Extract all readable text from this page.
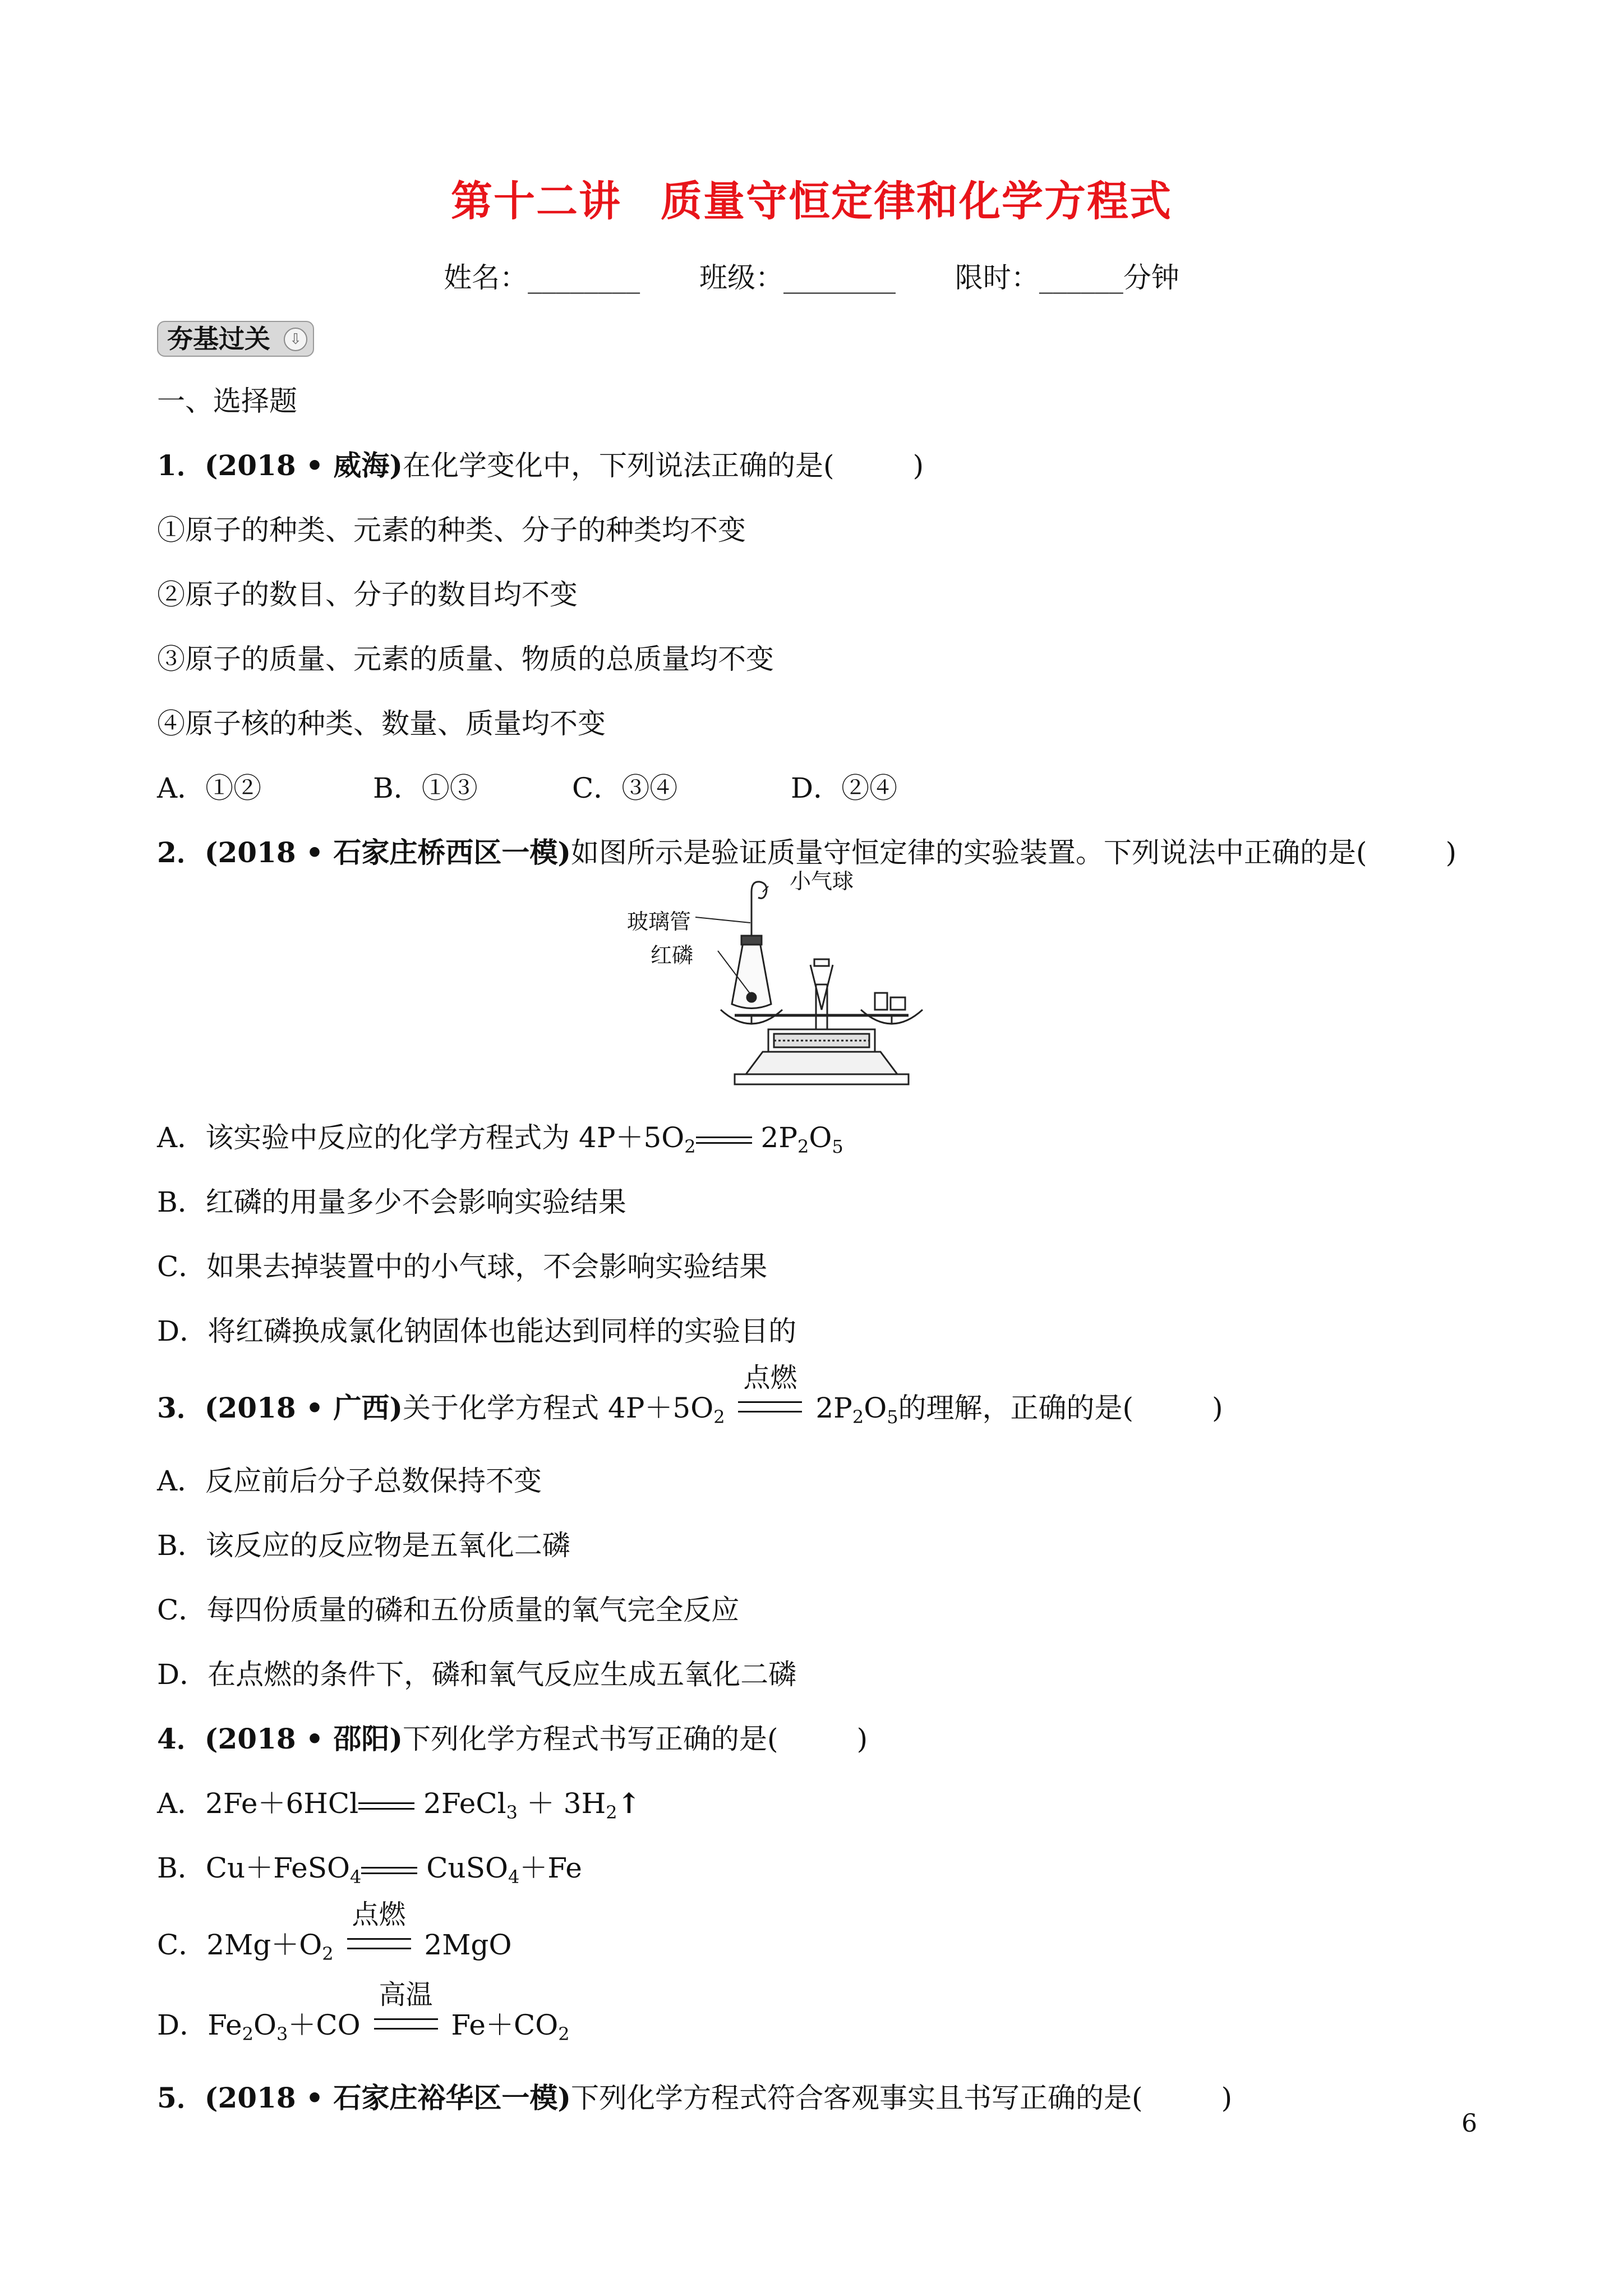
第十二讲 质量守恒定律和化学方程式
姓名：________ 班级：________ 限时：______分钟
夯基过关	⇩
一、选择题
1．(2018 • 威海)在化学变化中，下列说法正确的是(	)
①原子的种类、元素的种类、分子的种类均不变
②原子的数目、分子的数目均不变
③原子的质量、元素的质量、物质的总质量均不变
④原子核的种类、数量、质量均不变
A．①②	B．①③	C．③④	D．②④
2．(2018 • 石家庄桥西区一模)如图所示是验证质量守恒定律的实验装置。下列说法中正确的是(	)
小气球
玻璃管
红磷
A．该实验中反应的化学方程式为 $4P+5O_2$ $2P_2O_5$
B．红磷的用量多少不会影响实验结果
C．如果去掉装置中的小气球，不会影响实验结果
D．将红磷换成氯化钠固体也能达到同样的实验目的
3．(2018 • 广西)关于化学方程式 $4P+5O_2$
点燃
$2P_2O_5$的理解，正确的是(	)
A．反应前后分子总数保持不变
B．该反应的反应物是五氧化二磷
C．每四份质量的磷和五份质量的氧气完全反应
D．在点燃的条件下，磷和氧气反应生成五氧化二磷
4．(2018 • 邵阳)下列化学方程式书写正确的是(	)
A．2Fe＋6HCl 2FeCl$_3$ ＋ $3H_2↑$
B．Cu＋FeSO$_4$ CuSO$_4$＋Fe
C．$2Mg+O_2$
点燃
2MgO
D．$Fe_2O_3+CO$
高温
$Fe+CO_2$
5．(2018 • 石家庄裕华区一模)下列化学方程式符合客观事实且书写正确的是(	)
6
